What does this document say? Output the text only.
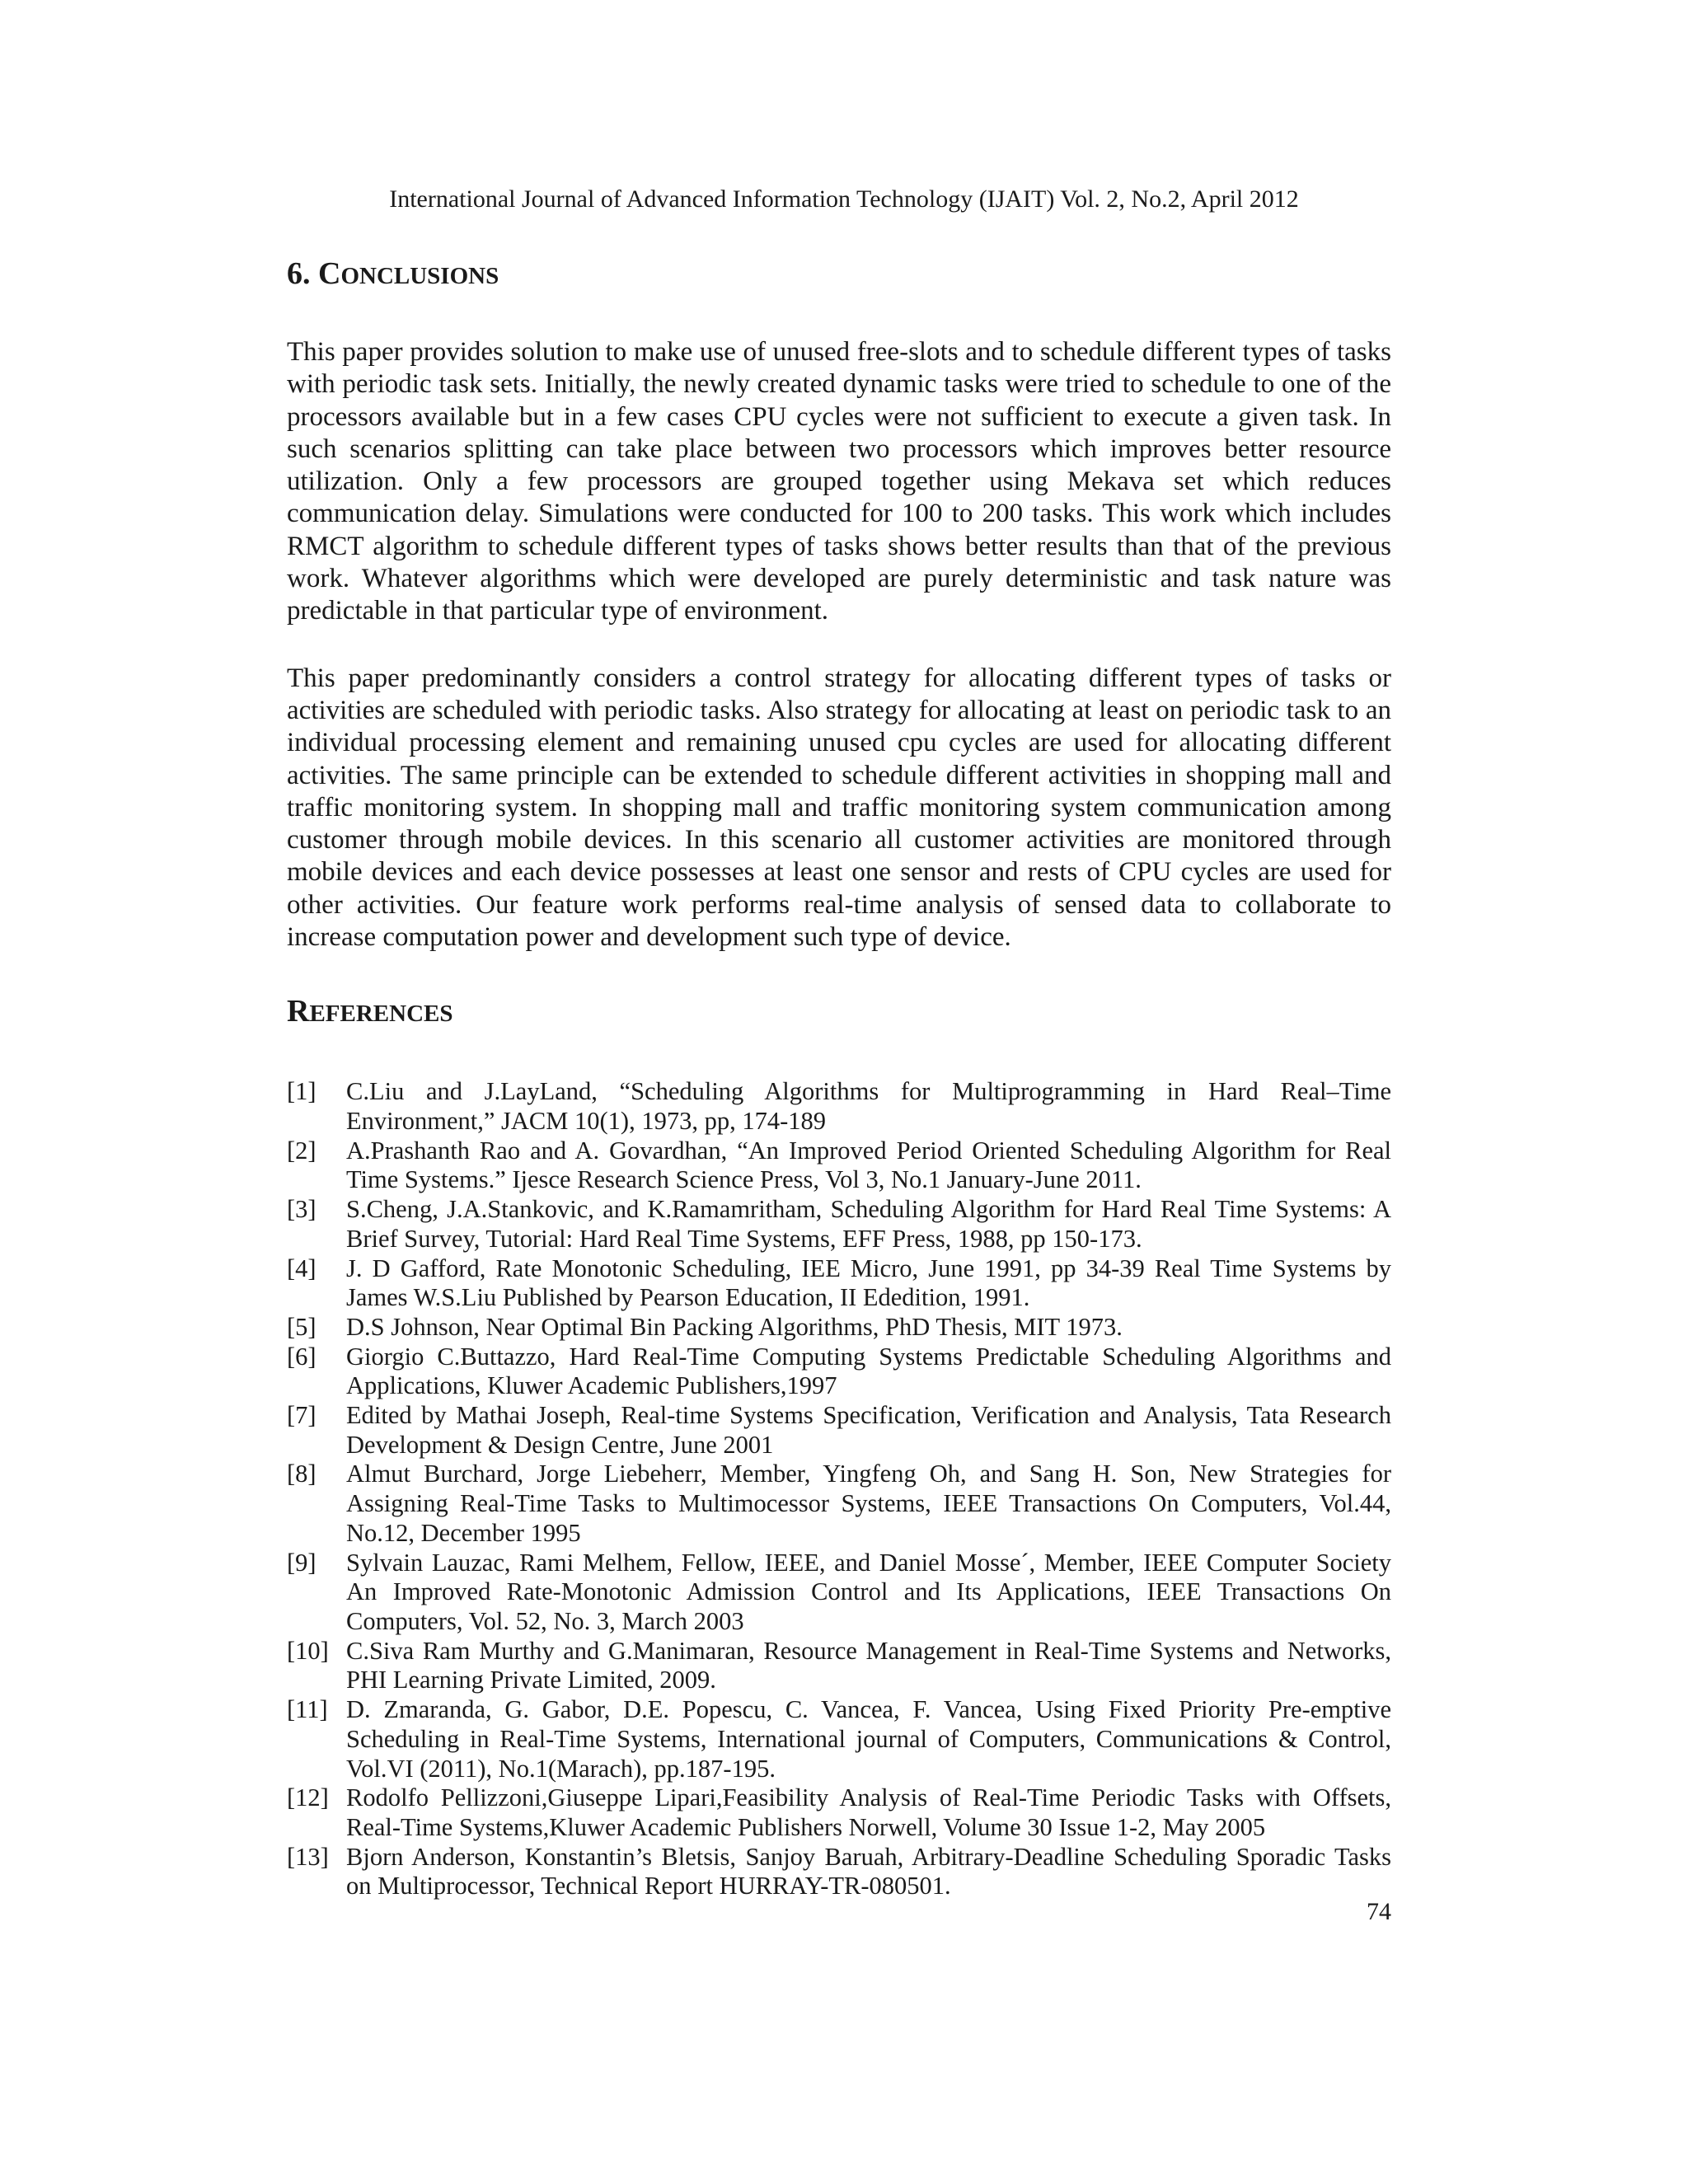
International Journal of Advanced Information Technology (IJAIT) Vol. 2, No.2, April 2012
6. CONCLUSIONS

This paper provides solution to make use of unused free-slots and to schedule different types of tasks with periodic task sets. Initially, the newly created dynamic tasks were tried to schedule to one of the processors available but in a few cases CPU cycles were not sufficient to execute a given task. In such scenarios splitting can take place between two processors which improves better resource utilization. Only a few processors are grouped together using Mekava set which reduces communication delay. Simulations were conducted for 100 to 200 tasks. This work which includes RMCT algorithm to schedule different types of tasks shows better results than that of the previous work. Whatever algorithms which were developed are purely deterministic and task nature was predictable in that particular type of environment.

This paper predominantly considers a control strategy for allocating different types of tasks or activities are scheduled with periodic tasks. Also strategy for allocating at least on periodic task to an individual processing element and remaining unused cpu cycles are used for allocating different activities. The same principle can be extended to schedule different activities in shopping mall and traffic monitoring system. In shopping mall and traffic monitoring system communication among customer through mobile devices. In this scenario all customer activities are monitored through mobile devices and each device possesses at least one sensor and rests of CPU cycles are used for other activities. Our feature work performs real-time analysis of sensed data to collaborate to increase computation power and development such type of device.

REFERENCES
[1] C.Liu and J.LayLand, “Scheduling Algorithms for Multiprogramming in Hard Real–Time Environment,” JACM 10(1), 1973, pp, 174-189
[2] A.Prashanth Rao and A. Govardhan, “An Improved Period Oriented Scheduling Algorithm for Real Time Systems.” Ijesce Research Science Press, Vol 3, No.1 January-June 2011.
[3] S.Cheng, J.A.Stankovic, and K.Ramamritham, Scheduling Algorithm for Hard Real Time Systems: A Brief Survey, Tutorial: Hard Real Time Systems, EFF Press, 1988, pp 150-173.
[4] J. D Gafford, Rate Monotonic Scheduling, IEE Micro, June 1991, pp 34-39 Real Time Systems by James W.S.Liu Published by Pearson Education, II Ededition, 1991.
[5] D.S Johnson, Near Optimal Bin Packing Algorithms, PhD Thesis, MIT 1973.
[6] Giorgio C.Buttazzo, Hard Real-Time Computing Systems Predictable Scheduling Algorithms and Applications, Kluwer Academic Publishers,1997
[7] Edited by Mathai Joseph, Real-time Systems Specification, Verification and Analysis, Tata Research Development & Design Centre, June 2001
[8] Almut Burchard, Jorge Liebeherr, Member, Yingfeng Oh, and Sang H. Son, New Strategies for Assigning Real-Time Tasks to Multimocessor Systems, IEEE Transactions On Computers, Vol.44, No.12, December 1995
[9] Sylvain Lauzac, Rami Melhem, Fellow, IEEE, and Daniel Mosse´, Member, IEEE Computer Society An Improved Rate-Monotonic Admission Control and Its Applications, IEEE Transactions On Computers, Vol. 52, No. 3, March 2003
[10] C.Siva Ram Murthy and G.Manimaran, Resource Management in Real-Time Systems and Networks, PHI Learning Private Limited, 2009.
[11] D. Zmaranda, G. Gabor, D.E. Popescu, C. Vancea, F. Vancea, Using Fixed Priority Pre-emptive Scheduling in Real-Time Systems, International journal of Computers, Communications & Control, Vol.VI (2011), No.1(Marach), pp.187-195.
[12] Rodolfo Pellizzoni,Giuseppe Lipari,Feasibility Analysis of Real-Time Periodic Tasks with Offsets, Real-Time Systems,Kluwer Academic Publishers Norwell, Volume 30 Issue 1-2, May 2005
[13] Bjorn Anderson, Konstantin’s Bletsis, Sanjoy Baruah, Arbitrary-Deadline Scheduling Sporadic Tasks on Multiprocessor, Technical Report HURRAY-TR-080501.
74
